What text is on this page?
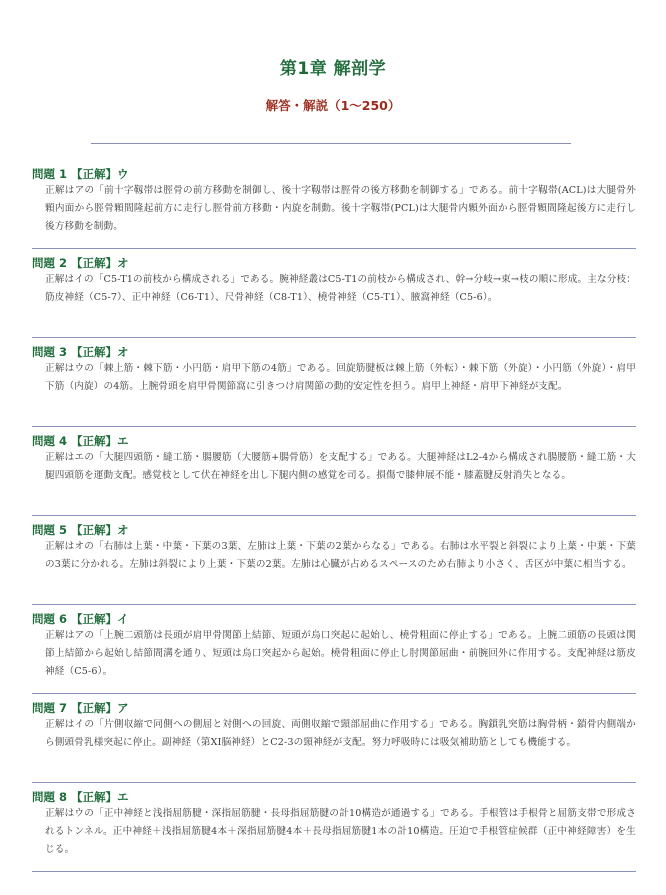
第1章 解剖学
解答・解説（1〜250）
問題 1 【正解】ウ

正解はアの「前十字靱帯は脛骨の前方移動を制御し、後十字靱帯は脛骨の後方移動を制御する」である。前十字靱帯(ACL)は大腿骨外顆内面から脛骨顆間隆起前方に走行し脛骨前方移動・内旋を制動。後十字靱帯(PCL)は大腿骨内顆外面から脛骨顆間隆起後方に走行し後方移動を制動。

問題 2 【正解】オ

正解はイの「C5-T1の前枝から構成される」である。腕神経叢はC5-T1の前枝から構成され、幹→分岐→束→枝の順に形成。主な分枝：筋皮神経（C5-7）、正中神経（C6-T1）、尺骨神経（C8-T1）、橈骨神経（C5-T1）、腋窩神経（C5-6）。

問題 3 【正解】オ

正解はウの「棘上筋・棘下筋・小円筋・肩甲下筋の4筋」である。回旋筋腱板は棘上筋（外転）・棘下筋（外旋）・小円筋（外旋）・肩甲下筋（内旋）の4筋。上腕骨頭を肩甲骨関節窩に引きつけ肩関節の動的安定性を担う。肩甲上神経・肩甲下神経が支配。

問題 4 【正解】エ

正解はエの「大腿四頭筋・縫工筋・腸腰筋（大腰筋+腸骨筋）を支配する」である。大腿神経はL2-4から構成され腸腰筋・縫工筋・大腿四頭筋を運動支配。感覚枝として伏在神経を出し下腿内側の感覚を司る。損傷で膝伸展不能・膝蓋腱反射消失となる。

問題 5 【正解】オ

正解はオの「右肺は上葉・中葉・下葉の3葉、左肺は上葉・下葉の2葉からなる」である。右肺は水平裂と斜裂により上葉・中葉・下葉の3葉に分かれる。左肺は斜裂により上葉・下葉の2葉。左肺は心臓が占めるスペースのため右肺より小さく、舌区が中葉に相当する。

問題 6 【正解】イ

正解はアの「上腕二頭筋は長頭が肩甲骨関節上結節、短頭が烏口突起に起始し、橈骨粗面に停止する」である。上腕二頭筋の長頭は関節上結節から起始し結節間溝を通り、短頭は烏口突起から起始。橈骨粗面に停止し肘関節屈曲・前腕回外に作用する。支配神経は筋皮神経（C5-6）。

問題 7 【正解】ア

正解はイの「片側収縮で同側への側屈と対側への回旋、両側収縮で頸部屈曲に作用する」である。胸鎖乳突筋は胸骨柄・鎖骨内側端から側頭骨乳様突起に停止。副神経（第XI脳神経）とC2-3の頸神経が支配。努力呼吸時には吸気補助筋としても機能する。

問題 8 【正解】エ

正解はウの「正中神経と浅指屈筋腱・深指屈筋腱・長母指屈筋腱の計10構造が通過する」である。手根管は手根骨と屈筋支帯で形成されるトンネル。正中神経＋浅指屈筋腱4本＋深指屈筋腱4本＋長母指屈筋腱1本の計10構造。圧迫で手根管症候群（正中神経障害）を生じる。
